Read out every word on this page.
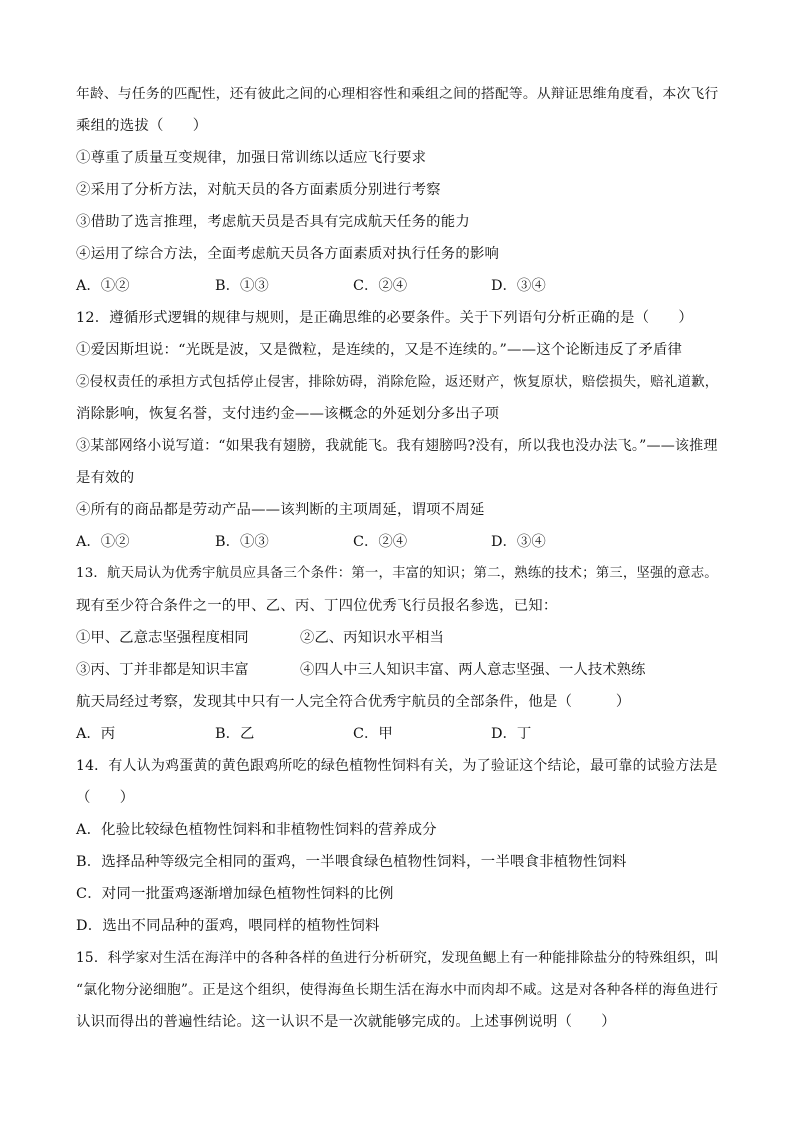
年龄、与任务的匹配性，还有彼此之间的心理相容性和乘组之间的搭配等。从辩证思维角度看，本次飞行
乘组的选拔（　　）
①尊重了质量互变规律，加强日常训练以适应飞行要求
②采用了分析方法，对航天员的各方面素质分别进行考察
③借助了选言推理，考虑航天员是否具有完成航天任务的能力
④运用了综合方法，全面考虑航天员各方面素质对执行任务的影响
A．①②	B．①③	C．②④	D．③④
12．遵循形式逻辑的规律与规则，是正确思维的必要条件。关于下列语句分析正确的是（　　）
①爱因斯坦说：“光既是波，又是微粒，是连续的，又是不连续的。”——这个论断违反了矛盾律
②侵权责任的承担方式包括停止侵害，排除妨碍，消除危险，返还财产，恢复原状，赔偿损失，赔礼道歉，
消除影响，恢复名誉，支付违约金——该概念的外延划分多出子项
③某部网络小说写道：“如果我有翅膀，我就能飞。我有翅膀吗?没有，所以我也没办法飞。”——该推理
是有效的
④所有的商品都是劳动产品——该判断的主项周延，谓项不周延
A．①②	B．①③	C．②④	D．③④
13．航天局认为优秀宇航员应具备三个条件：第一，丰富的知识；第二，熟练的技术；第三，坚强的意志。
现有至少符合条件之一的甲、乙、丙、丁四位优秀飞行员报名参选，已知：
①甲、乙意志坚强程度相同	②乙、丙知识水平相当
③丙、丁并非都是知识丰富	④四人中三人知识丰富、两人意志坚强、一人技术熟练
航天局经过考察，发现其中只有一人完全符合优秀宇航员的全部条件，他是（　　　）
A．丙	B．乙	C．甲	D．丁
14．有人认为鸡蛋黄的黄色跟鸡所吃的绿色植物性饲料有关，为了验证这个结论，最可靠的试验方法是
（　　）
A．化验比较绿色植物性饲料和非植物性饲料的营养成分
B．选择品种等级完全相同的蛋鸡，一半喂食绿色植物性饲料，一半喂食非植物性饲料
C．对同一批蛋鸡逐渐增加绿色植物性饲料的比例
D．选出不同品种的蛋鸡，喂同样的植物性饲料
15．科学家对生活在海洋中的各种各样的鱼进行分析研究，发现鱼鳃上有一种能排除盐分的特殊组织，叫
“氯化物分泌细胞”。正是这个组织，使得海鱼长期生活在海水中而肉却不咸。这是对各种各样的海鱼进行
认识而得出的普遍性结论。这一认识不是一次就能够完成的。上述事例说明（　　）
